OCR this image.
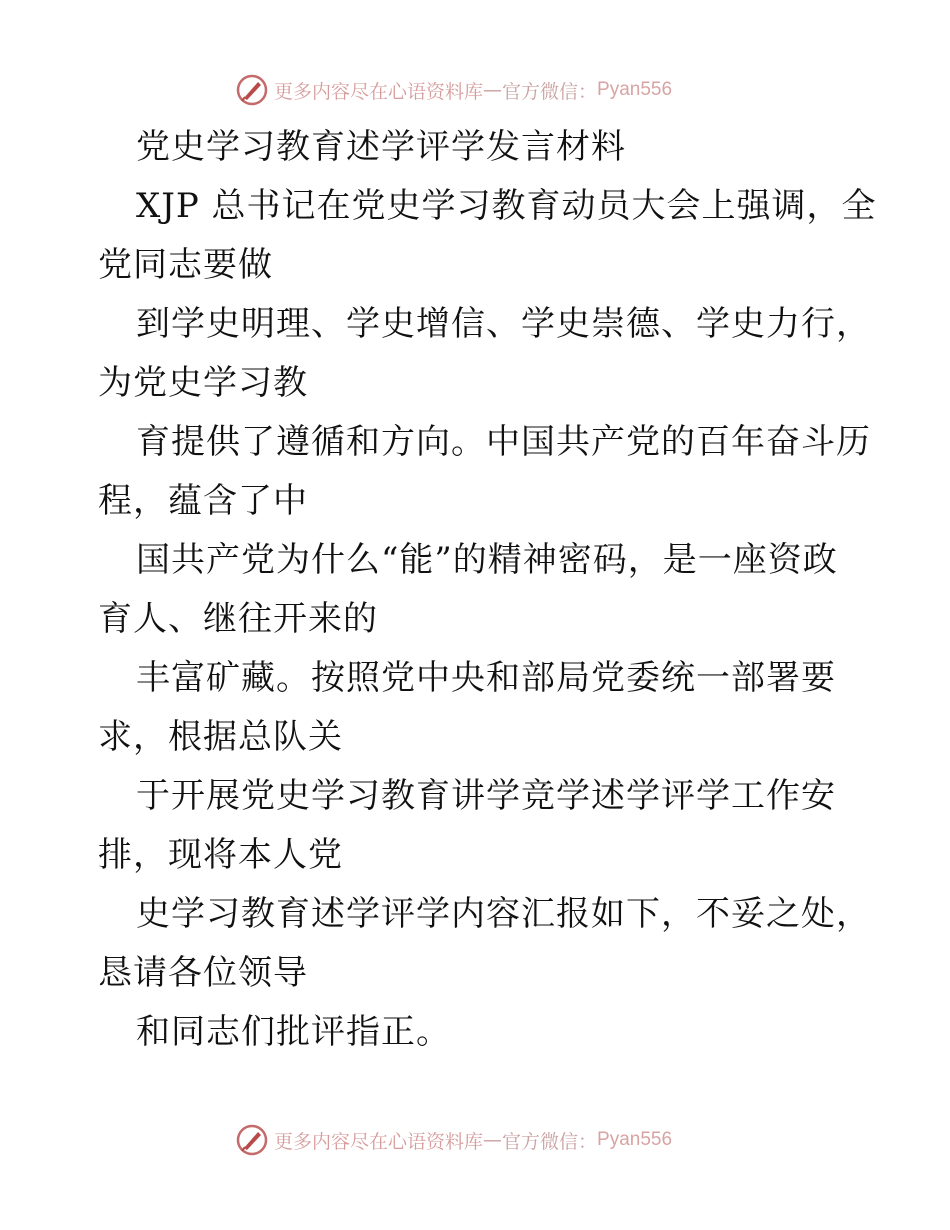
更多内容尽在心语资料库 — 官方微信： Pyan556
党史学习教育述学评学发言材料
XJP 总书记在党史学习教育动员大会上强调，全
党同志要做
到学史明理、学史增信、学史崇德、学史力行，
为党史学习教
育提供了遵循和方向。中国共产党的百年奋斗历
程，蕴含了中
国共产党为什么“能”的精神密码，是一座资政
育人、继往开来的
丰富矿藏。按照党中央和部局党委统一部署要
求，根据总队关
于开展党史学习教育讲学竞学述学评学工作安
排，现将本人党
史学习教育述学评学内容汇报如下，不妥之处，
恳请各位领导
和同志们批评指正。
更多内容尽在心语资料库 — 官方微信： Pyan556
